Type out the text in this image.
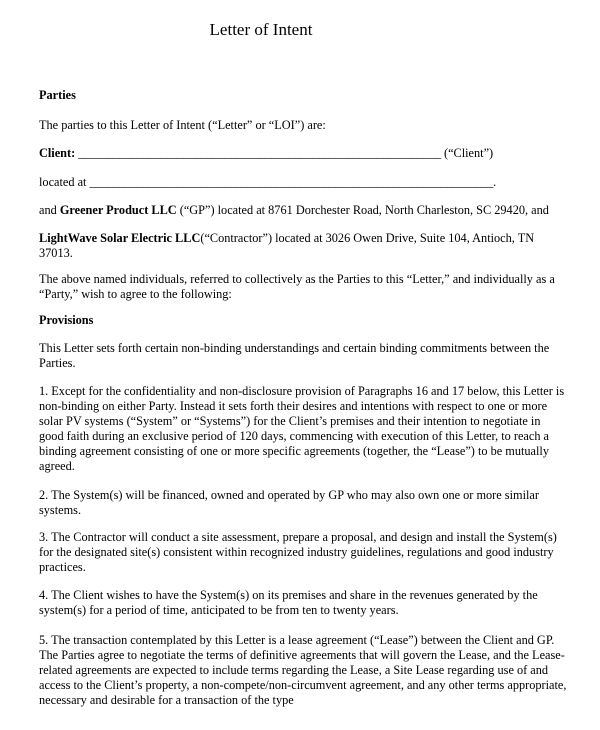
Letter of Intent

Parties

The parties to this Letter of Intent (“Letter” or “LOI”) are:

Client: ______________________________________________________________ (“Client”)

located at _____________________________________________________________________.

and Greener Product LLC (“GP”) located at 8761 Dorchester Road, North Charleston, SC 29420, and

LightWave Solar Electric LLC(“Contractor”) located at 3026 Owen Drive, Suite 104, Antioch, TN 37013.

The above named individuals, referred to collectively as the Parties to this “Letter,” and individually as a “Party,” wish to agree to the following:

Provisions

This Letter sets forth certain non-binding understandings and certain binding commitments between the Parties.

1. Except for the confidentiality and non-disclosure provision of Paragraphs 16 and 17 below, this Letter is non-binding on either Party. Instead it sets forth their desires and intentions with respect to one or more solar PV systems (“System” or “Systems”) for the Client’s premises and their intention to negotiate in good faith during an exclusive period of 120 days, commencing with execution of this Letter, to reach a binding agreement consisting of one or more specific agreements (together, the “Lease”) to be mutually agreed.

2. The System(s) will be financed, owned and operated by GP who may also own one or more similar systems.

3. The Contractor will conduct a site assessment, prepare a proposal, and design and install the System(s) for the designated site(s) consistent within recognized industry guidelines, regulations and good industry practices.

4. The Client wishes to have the System(s) on its premises and share in the revenues generated by the system(s) for a period of time, anticipated to be from ten to twenty years.

5. The transaction contemplated by this Letter is a lease agreement (“Lease”) between the Client and GP. The Parties agree to negotiate the terms of definitive agreements that will govern the Lease, and the Lease-related agreements are expected to include terms regarding the Lease, a Site Lease regarding use of and access to the Client’s property, a non-compete/non-circumvent agreement, and any other terms appropriate, necessary and desirable for a transaction of the type
